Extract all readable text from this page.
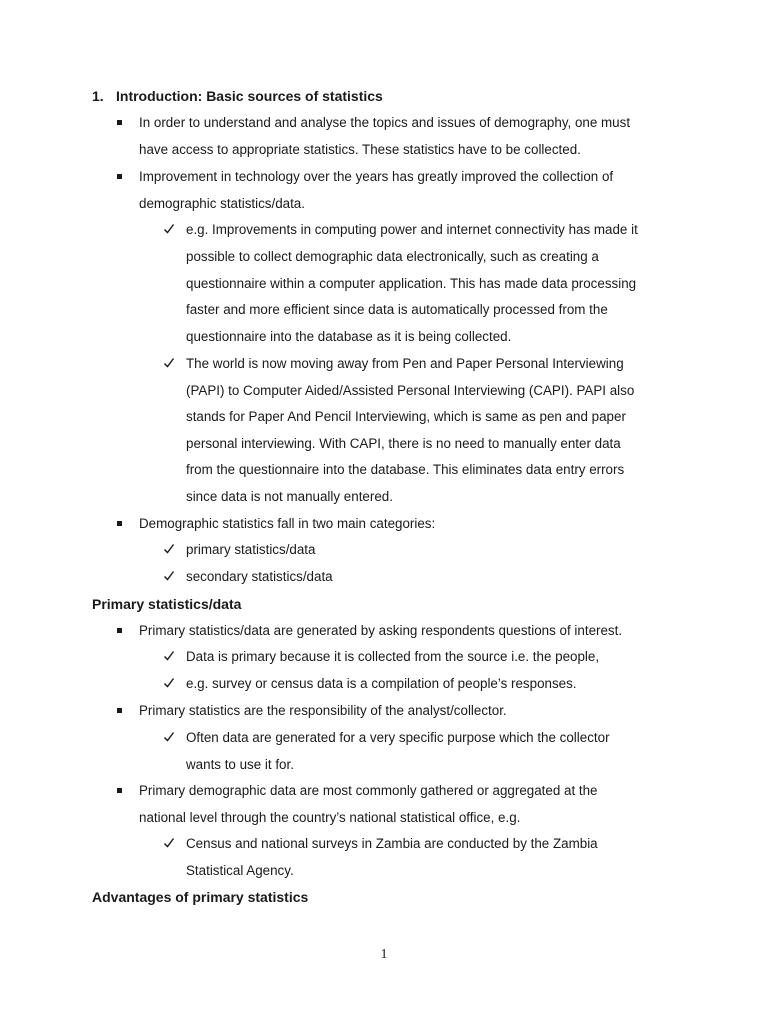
1. Introduction: Basic sources of statistics
In order to understand and analyse the topics and issues of demography, one must
have access to appropriate statistics. These statistics have to be collected.
Improvement in technology over the years has greatly improved the collection of
demographic statistics/data.
e.g. Improvements in computing power and internet connectivity has made it
possible to collect demographic data electronically, such as creating a
questionnaire within a computer application. This has made data processing
faster and more efficient since data is automatically processed from the
questionnaire into the database as it is being collected.
The world is now moving away from Pen and Paper Personal Interviewing
(PAPI) to Computer Aided/Assisted Personal Interviewing (CAPI). PAPI also
stands for Paper And Pencil Interviewing, which is same as pen and paper
personal interviewing. With CAPI, there is no need to manually enter data
from the questionnaire into the database. This eliminates data entry errors
since data is not manually entered.
Demographic statistics fall in two main categories:
primary statistics/data
secondary statistics/data
Primary statistics/data
Primary statistics/data are generated by asking respondents questions of interest.
Data is primary because it is collected from the source i.e. the people,
e.g. survey or census data is a compilation of people’s responses.
Primary statistics are the responsibility of the analyst/collector.
Often data are generated for a very specific purpose which the collector
wants to use it for.
Primary demographic data are most commonly gathered or aggregated at the
national level through the country’s national statistical office, e.g.
Census and national surveys in Zambia are conducted by the Zambia
Statistical Agency.
Advantages of primary statistics
1
